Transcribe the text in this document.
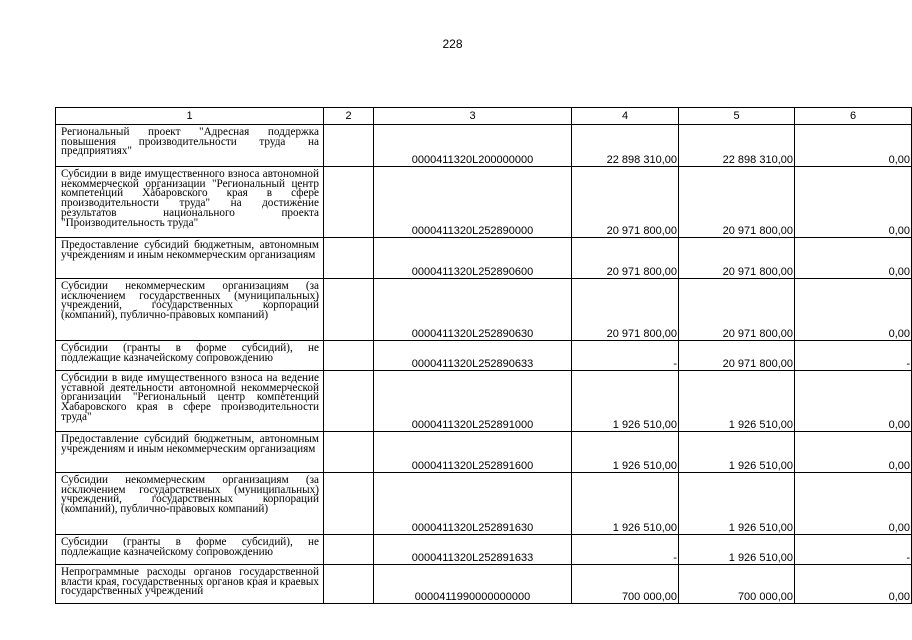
228
1	2	3	4	5	6
Региональный проект "Адресная поддержка повышения производительности труда на предприятиях"		0000411320L200000000	22 898 310,00	22 898 310,00	0,00
Субсидии в виде имущественного взноса автономной некоммерческой организации "Региональный центр компетенций Хабаровского края в сфере производительности труда" на достижение результатов национального проекта "Производительность труда"		0000411320L252890000	20 971 800,00	20 971 800,00	0,00
Предоставление субсидий бюджетным, автономным учреждениям и иным некоммерческим организациям		0000411320L252890600	20 971 800,00	20 971 800,00	0,00
Субсидии некоммерческим организациям (за исключением государственных (муниципальных) учреждений, государственных корпораций (компаний), публично-правовых компаний)		0000411320L252890630	20 971 800,00	20 971 800,00	0,00
Субсидии (гранты в форме субсидий), не подлежащие казначейскому сопровождению		0000411320L252890633	-	20 971 800,00	-
Субсидии в виде имущественного взноса на ведение уставной деятельности автономной некоммерческой организации "Региональный центр компетенций Хабаровского края в сфере производительности труда"		0000411320L252891000	1 926 510,00	1 926 510,00	0,00
Предоставление субсидий бюджетным, автономным учреждениям и иным некоммерческим организациям		0000411320L252891600	1 926 510,00	1 926 510,00	0,00
Субсидии некоммерческим организациям (за исключением государственных (муниципальных) учреждений, государственных корпораций (компаний), публично-правовых компаний)		0000411320L252891630	1 926 510,00	1 926 510,00	0,00
Субсидии (гранты в форме субсидий), не подлежащие казначейскому сопровождению		0000411320L252891633	-	1 926 510,00	-

Непрограммные расходы органов государственной власти края, государственных органов края и краевых государственных учреждений		0000411990000000000	700 000,00	700 000,00	0,00
